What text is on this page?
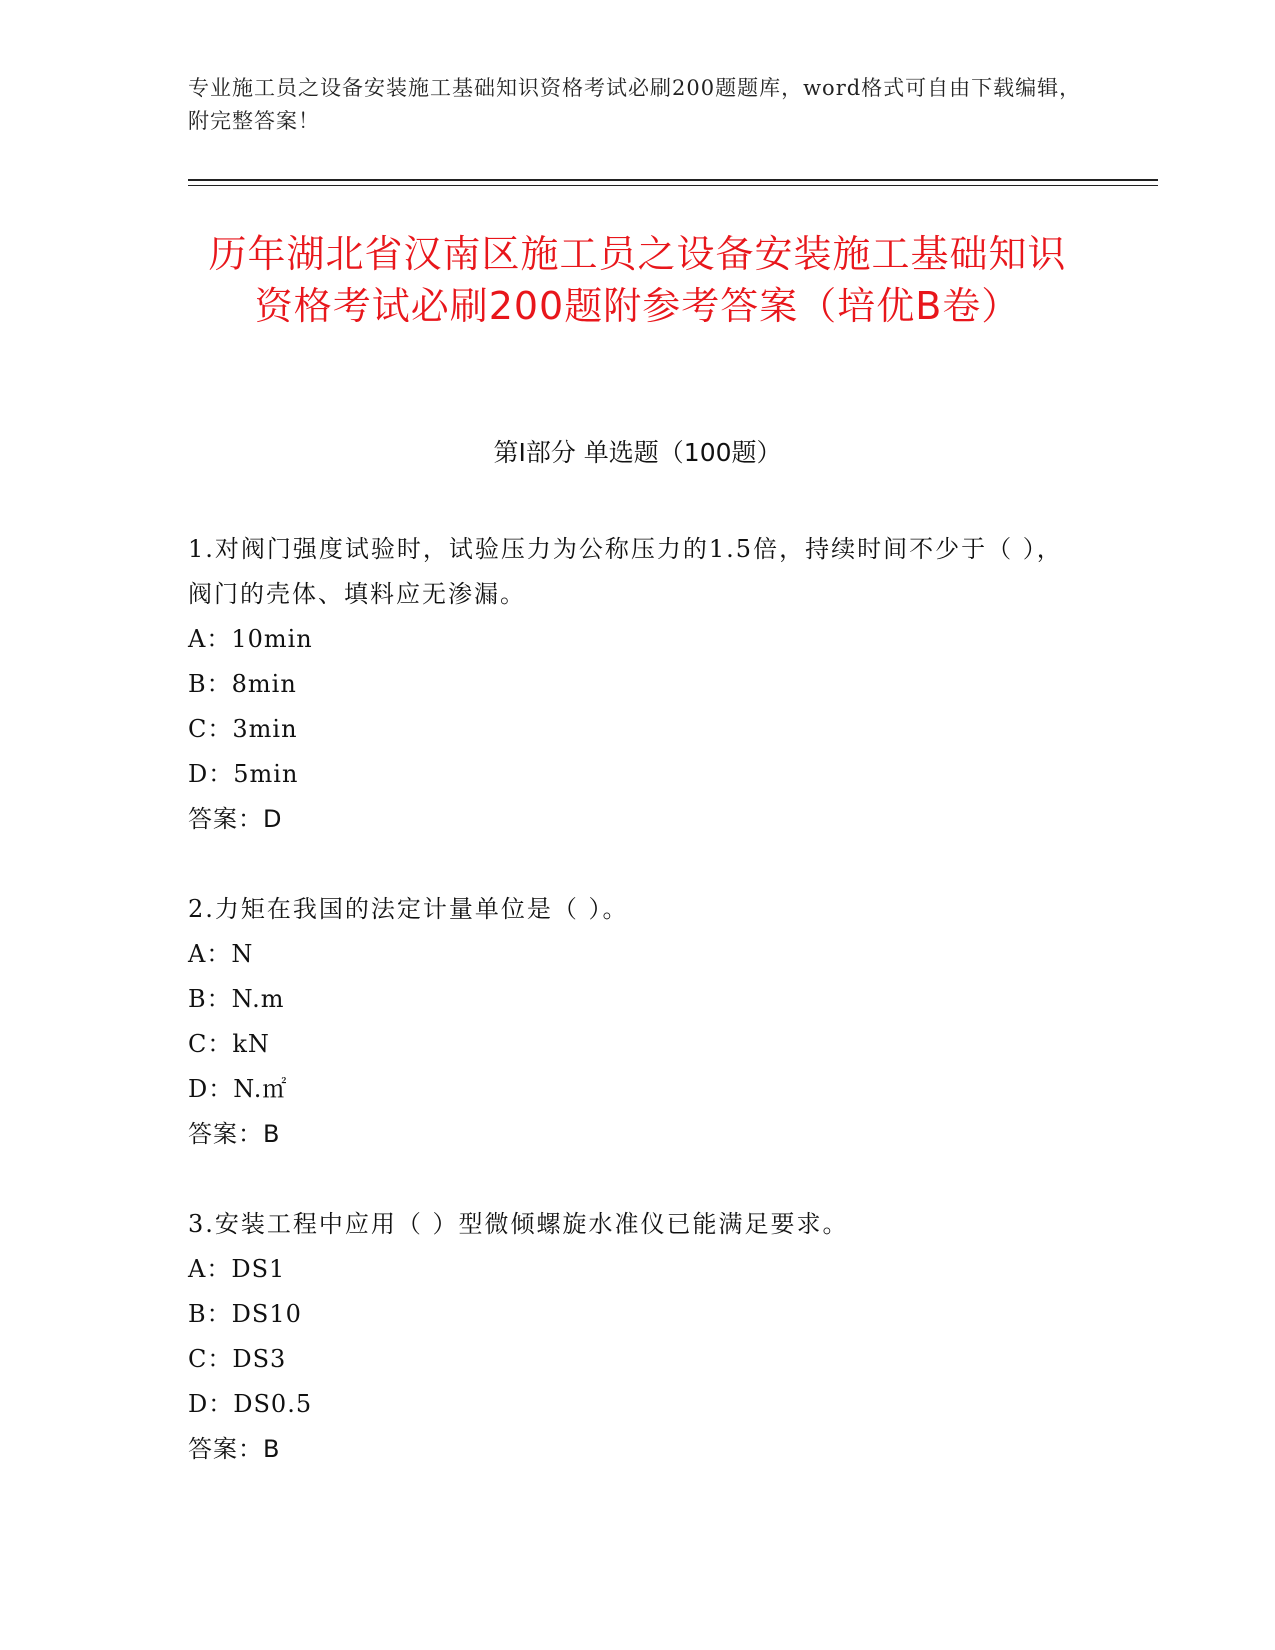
专业施工员之设备安装施工基础知识资格考试必刷200题题库，word格式可自由下载编辑，附完整答案！
历年湖北省汉南区施工员之设备安装施工基础知识资格考试必刷200题附参考答案（培优B卷）
第I部分 单选题（100题）
1.对阀门强度试验时，试验压力为公称压力的1.5倍，持续时间不少于（ ），阀门的壳体、填料应无渗漏。
A：10min
B：8min
C：3min
D：5min
答案：D
2.力矩在我国的法定计量单位是（ ）。
A：N
B：N.m
C：kN
D：N.㎡
答案：B
3.安装工程中应用（ ）型微倾螺旋水准仪已能满足要求。
A：DS1
B：DS10
C：DS3
D：DS0.5
答案：B
